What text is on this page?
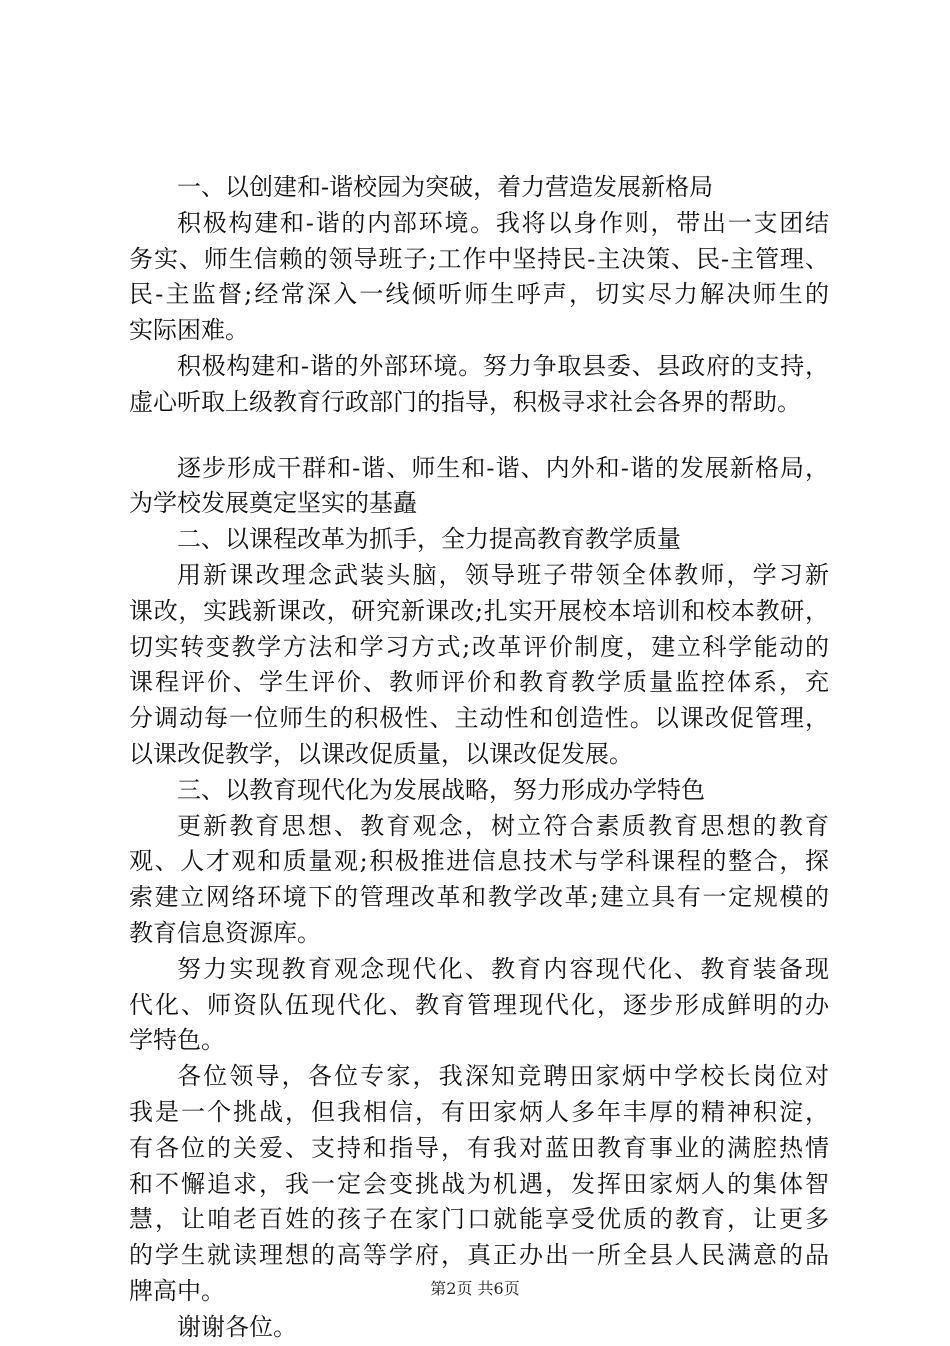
一、以创建和-谐校园为突破，着力营造发展新格局
积极构建和-谐的内部环境。我将以身作则，带出一支团结
务实、师生信赖的领导班子;工作中坚持民-主决策、民-主管理、
民-主监督;经常深入一线倾听师生呼声，切实尽力解决师生的
实际困难。
积极构建和-谐的外部环境。努力争取县委、县政府的支持，
虚心听取上级教育行政部门的指导，积极寻求社会各界的帮助。
逐步形成干群和-谐、师生和-谐、内外和-谐的发展新格局，
为学校发展奠定坚实的基矗
二、以课程改革为抓手，全力提高教育教学质量
用新课改理念武装头脑，领导班子带领全体教师，学习新
课改，实践新课改，研究新课改;扎实开展校本培训和校本教研，
切实转变教学方法和学习方式;改革评价制度，建立科学能动的
课程评价、学生评价、教师评价和教育教学质量监控体系，充
分调动每一位师生的积极性、主动性和创造性。以课改促管理，
以课改促教学，以课改促质量，以课改促发展。
三、以教育现代化为发展战略，努力形成办学特色
更新教育思想、教育观念，树立符合素质教育思想的教育
观、人才观和质量观;积极推进信息技术与学科课程的整合，探
索建立网络环境下的管理改革和教学改革;建立具有一定规模的
教育信息资源库。
努力实现教育观念现代化、教育内容现代化、教育装备现
代化、师资队伍现代化、教育管理现代化，逐步形成鲜明的办
学特色。
各位领导，各位专家，我深知竞聘田家炳中学校长岗位对
我是一个挑战，但我相信，有田家炳人多年丰厚的精神积淀，
有各位的关爱、支持和指导，有我对蓝田教育事业的满腔热情
和不懈追求，我一定会变挑战为机遇，发挥田家炳人的集体智
慧，让咱老百姓的孩子在家门口就能享受优质的教育，让更多
的学生就读理想的高等学府，真正办出一所全县人民满意的品
牌高中。
谢谢各位。
第2页 共6页
